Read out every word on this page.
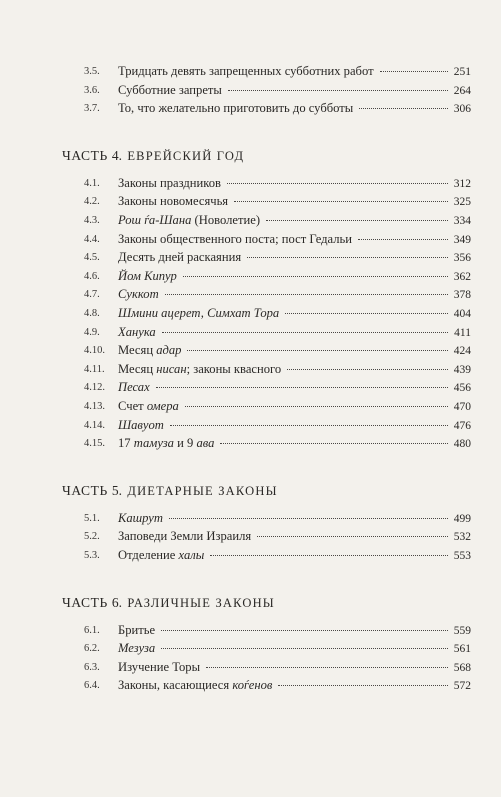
3.5. Тридцать девять запрещенных субботних работ	251
3.6. Субботние запреты	264
3.7. То, что желательно приготовить до субботы	306
ЧАСТЬ 4. ЕВРЕЙСКИЙ ГОД
4.1. Законы праздников	312
4.2. Законы новомесячья	325
4.3. Рош ѓа-Шана (Новолетие)	334
4.4. Законы общественного поста; пост Гедальи	349
4.5. Десять дней раскаяния	356
4.6. Йом Кипур	362
4.7. Суккот	378
4.8. Шмини ацерет, Симхат Тора	404
4.9. Ханука	411
4.10. Месяц адар	424
4.11. Месяц нисан; законы квасного	439
4.12. Песах	456
4.13. Счет омера	470
4.14. Шавуот	476
4.15. 17 тамуза и 9 ава	480
ЧАСТЬ 5. ДИЕТАРНЫЕ ЗАКОНЫ
5.1. Кашрут	499
5.2. Заповеди Земли Израиля	532
5.3. Отделение халы	553
ЧАСТЬ 6. РАЗЛИЧНЫЕ ЗАКОНЫ
6.1. Бритье	559
6.2. Мезуза	561
6.3. Изучение Торы	568
6.4. Законы, касающиеся коѓенов	572
